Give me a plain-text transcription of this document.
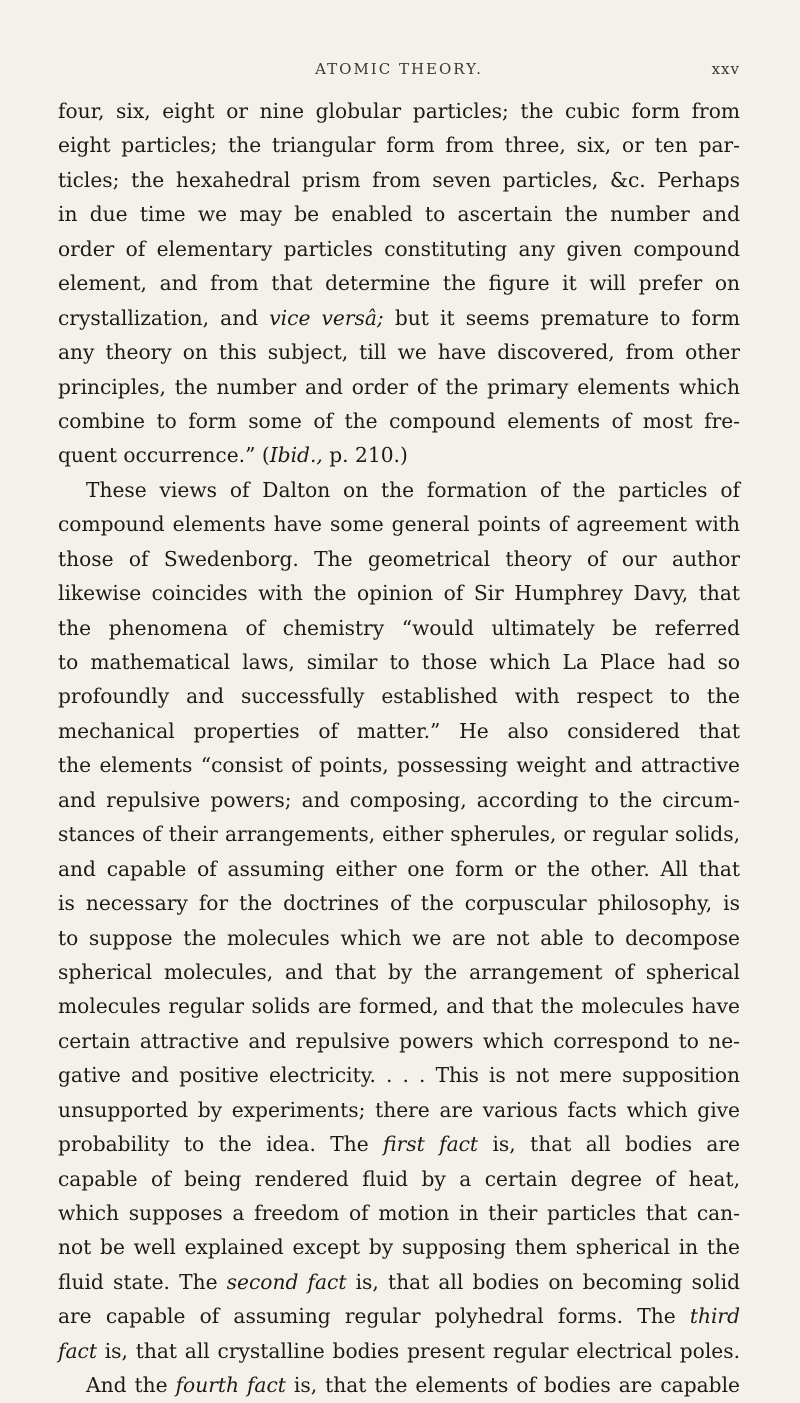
ATOMIC THEORY.	xxv
four, six, eight or nine globular particles; the cubic form from
eight particles; the triangular form from three, six, or ten par-
ticles; the hexahedral prism from seven particles, &c. Perhaps
in due time we may be enabled to ascertain the number and
order of elementary particles constituting any given compound
element, and from that determine the figure it will prefer on
crystallization, and vice versâ; but it seems premature to form
any theory on this subject, till we have discovered, from other
principles, the number and order of the primary elements which
combine to form some of the compound elements of most fre-
quent occurrence.” (Ibid., p. 210.)
These views of Dalton on the formation of the particles of
compound elements have some general points of agreement with
those of Swedenborg. The geometrical theory of our author
likewise coincides with the opinion of Sir Humphrey Davy, that
the phenomena of chemistry “would ultimately be referred
to mathematical laws, similar to those which La Place had so
profoundly and successfully established with respect to the
mechanical properties of matter.” He also considered that
the elements “consist of points, possessing weight and attractive
and repulsive powers; and composing, according to the circum-
stances of their arrangements, either spherules, or regular solids,
and capable of assuming either one form or the other. All that
is necessary for the doctrines of the corpuscular philosophy, is
to suppose the molecules which we are not able to decompose
spherical molecules, and that by the arrangement of spherical
molecules regular solids are formed, and that the molecules have
certain attractive and repulsive powers which correspond to ne-
gative and positive electricity. . . . This is not mere supposition
unsupported by experiments; there are various facts which give
probability to the idea. The first fact is, that all bodies are
capable of being rendered fluid by a certain degree of heat,
which supposes a freedom of motion in their particles that can-
not be well explained except by supposing them spherical in the
fluid state. The second fact is, that all bodies on becoming solid
are capable of assuming regular polyhedral forms. The third
fact is, that all crystalline bodies present regular electrical poles.
And the fourth fact is, that the elements of bodies are capable
